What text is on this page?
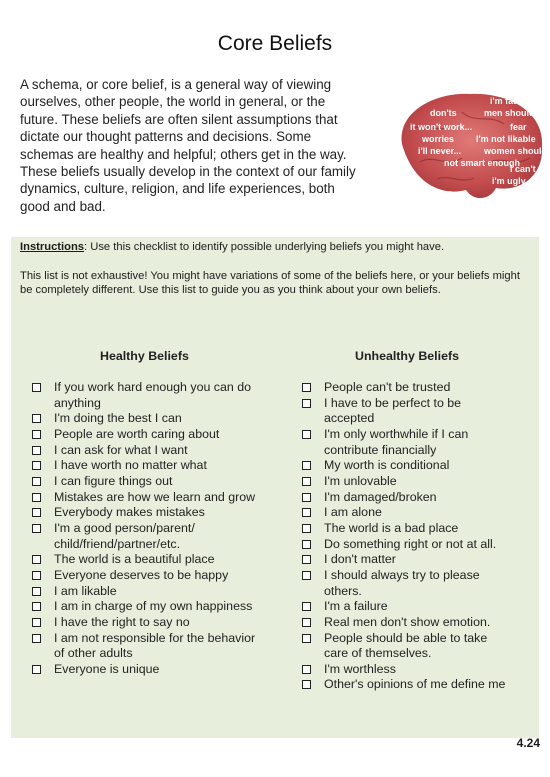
Core Beliefs
A schema, or core belief, is a general way of viewing ourselves, other people, the world in general, or the future. These beliefs are often silent assumptions that dictate our thought patterns and decisions. Some schemas are healthy and helpful; others get in the way. These beliefs usually develop in the context of our family dynamics, culture, religion, and life experiences, both good and bad.
i'm fat don'ts	men should it won't work...	fear worries I'm not likable i'll never...	women should not smart enough I can't i'm ugly
Instructions: Use this checklist to identify possible underlying beliefs you might have.
This list is not exhaustive! You might have variations of some of the beliefs here, or your beliefs might be completely different. Use this list to guide you as you think about your own beliefs.
Healthy Beliefs	Unhealthy Beliefs
If you work hard enough you can do anything
I'm doing the best I can
People are worth caring about
I can ask for what I want
I have worth no matter what
I can figure things out
Mistakes are how we learn and grow
Everybody makes mistakes
I'm a good person/parent/ child/friend/partner/etc.
The world is a beautiful place
Everyone deserves to be happy
I am likable
I am in charge of my own happiness
I have the right to say no
I am not responsible for the behavior of other adults
Everyone is unique
People can't be trusted
I have to be perfect to be accepted
I'm only worthwhile if I can contribute financially
My worth is conditional
I'm unlovable
I'm damaged/broken
I am alone
The world is a bad place
Do something right or not at all.
I don't matter
I should always try to please others.
I'm a failure
Real men don't show emotion.
People should be able to take care of themselves.
I'm worthless
Other's opinions of me define me
4.24
